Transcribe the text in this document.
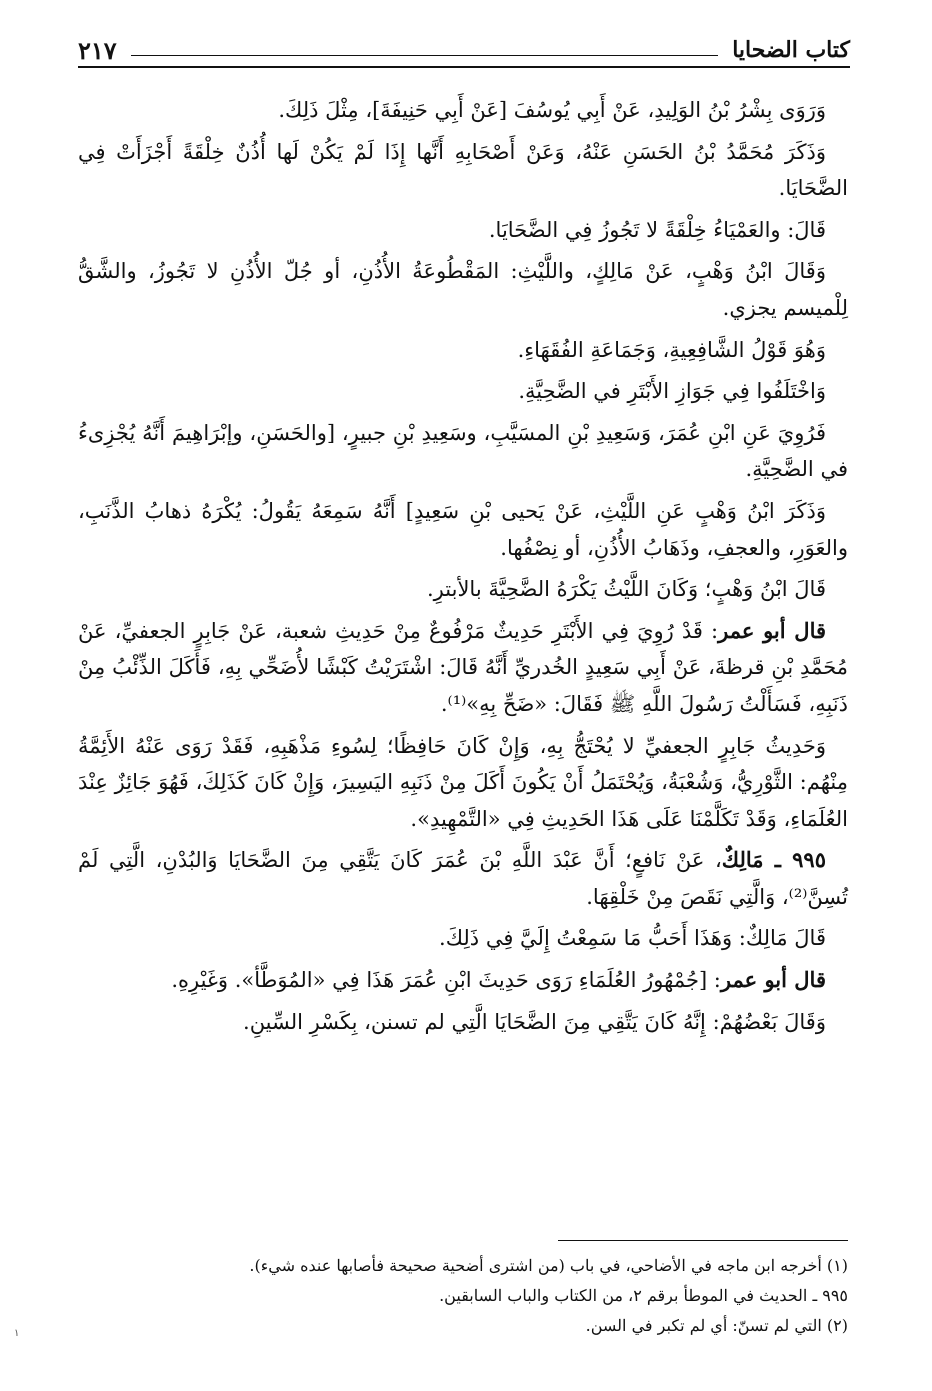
كتاب الضحايا
٢١٧

وَرَوَى بِشْرُ بْنُ الوَلِيدِ، عَنْ أَبِي يُوسُفَ [عَنْ أَبِي حَنِيفَةَ]، مِثْلَ ذَلِكَ.

وَذَكَرَ مُحَمَّدُ بْنُ الحَسَنِ عَنْهُ، وَعَنْ أَصْحَابِهِ أَنَّها إِذَا لَمْ يَكُنْ لَها أُذُنٌ خِلْقَةً أَجْزَأَتْ فِي الضَّحَايَا.

قَالَ: والعَمْيَاءُ خِلْقَةً لا تَجُوزُ فِي الضَّحَايَا.

وَقَالَ ابْنُ وَهْبٍ، عَنْ مَالِكٍ، واللَّيْثِ: المَقْطُوعَةُ الأُذُنِ، أو جُلّ الأُذُنِ لا تَجُوزُ، والشَّقُّ لِلْميسم يجزي.

وَهُوَ قَوْلُ الشَّافِعِيةِ، وَجَمَاعَةِ الفُقَهَاءِ.

وَاخْتَلَفُوا فِي جَوَازِ الأَبْتَرِ في الضَّحِيَّةِ.

فَرُوِيَ عَنِ ابْنِ عُمَرَ، وَسَعِيدِ بْنِ المسَيَّبِ، وسَعِيدِ بْنِ جبيرٍ، [والحَسَنِ، وإبْرَاهِيمَ أَنَّهُ يُجْزِىءُ في الضَّحِيَّةِ.

وَذَكَرَ ابْنُ وَهْبٍ عَنِ اللَّيْثِ، عَنْ يَحيى بْنِ سَعِيدٍ] أَنَّهُ سَمِعَهُ يَقُولُ: يُكْرَهُ ذهابُ الذَّنَبِ، والعَوَرِ، والعجفِ، وذَهَابُ الأُذُنِ، أو نِصْفُها.

قَالَ ابْنُ وَهْبٍ؛ وَكَانَ اللَّيْثُ يَكْرَهُ الضَّحِيَّةَ بالأبترِ.

قال أبو عمر: قَدْ رُوِيَ فِي الأَبْتَرِ حَدِيثٌ مَرْفُوعٌ مِنْ حَدِيثِ شعبة، عَنْ جَابِرٍ الجعفيِّ، عَنْ مُحَمَّدِ بْنِ قرظةَ، عَنْ أَبِي سَعِيدٍ الخُدريِّ أَنَّهُ قَالَ: اشْتَرَيْتُ كَبْشًا لأُضَحِّي بِهِ، فَأَكَلَ الذِّئْبُ مِنْ ذَنَبِهِ، فَسَأَلْتُ رَسُولَ اللَّهِ ﷺ فَقَالَ: «ضَحِّ بِهِ»⁽¹⁾.

وَحَدِيثُ جَابِرٍ الجعفيِّ لا يُحْتَجُّ بِهِ، وَإِنْ كَانَ حَافِظًا؛ لِسُوءِ مَذْهَبِهِ، فَقَدْ رَوَى عَنْهُ الأَئِمَّةُ مِنْهُم: الثَّوْرِيُّ، وَشُعْبَةُ، وَيُحْتَمَلُ أَنْ يَكُونَ أَكَلَ مِنْ ذَنَبِهِ اليَسِيرَ، وَإِنْ كَانَ كَذَلِكَ، فَهُوَ جَائِزٌ عِنْدَ العُلَمَاءِ، وَقَدْ تَكَلَّمْنَا عَلَى هَذَا الحَدِيثِ فِي «التَّمْهِيدِ».

٩٩٥ ـ مَالِكٌ، عَنْ نَافعٍ؛ أَنَّ عَبْدَ اللَّهِ بْنَ عُمَرَ كَانَ يَتَّقِي مِنَ الضَّحَايَا وَالبُدْنِ، الَّتِي لَمْ تُسِنَّ⁽²⁾، وَالَّتِي نَقَصَ مِنْ خَلْقِهَا.

قَالَ مَالِكٌ: وَهَذَا أَحَبُّ مَا سَمِعْتُ إِلَيَّ فِي ذَلِكَ.

قال أبو عمر: [جُمْهُورُ العُلَمَاءِ رَوَى حَدِيثَ ابْنِ عُمَرَ هَذَا فِي «المُوَطَّأ». وَغَيْرِهِ.

وَقَالَ بَعْضُهُمْ: إِنَّهُ كَانَ يَتَّقِي مِنَ الضَّحَايَا الَّتِي لم تسنن، بِكَسْرِ السِّينِ.

(١) أخرجه ابن ماجه في الأضاحي، في باب (من اشترى أضحية صحيحة فأصابها عنده شيء).
٩٩٥ ـ الحديث في الموطأ برقم ٢، من الكتاب والباب السابقين.
(٢) التي لم تسنّ: أي لم تكبر في السن.
١
